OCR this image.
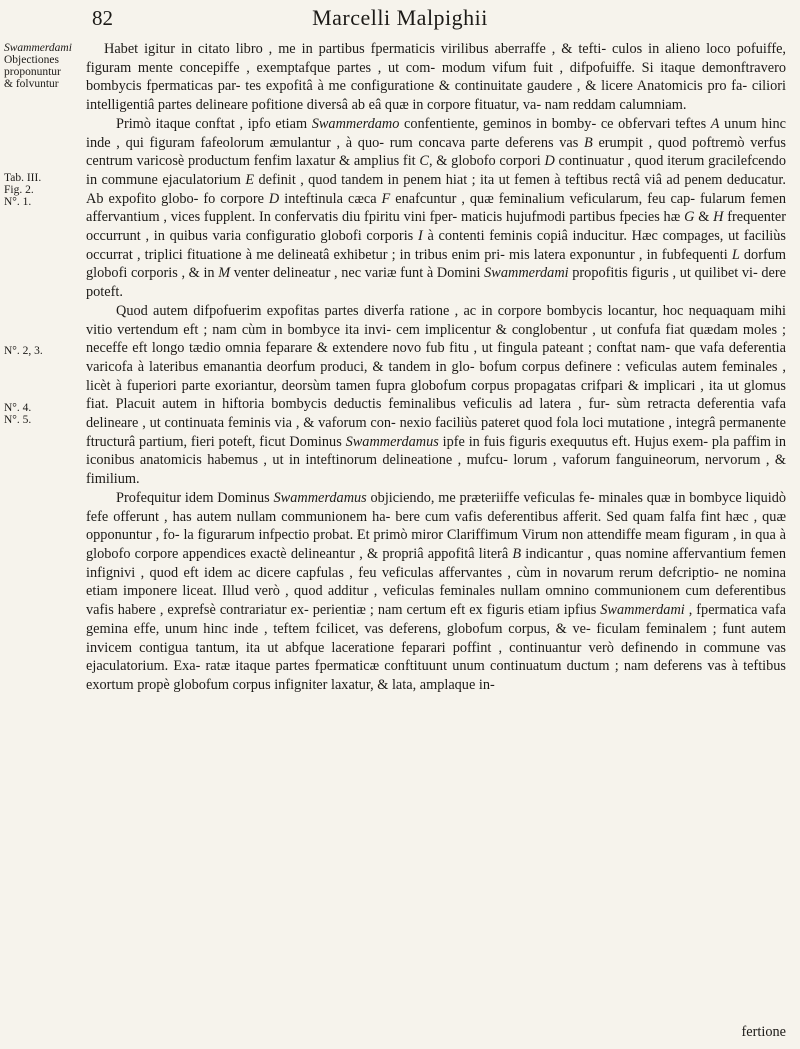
82	Marcelli Malpighii
Swammerdami
Objectiones
proponuntur
& folvuntur
Tab. III.
Fig. 2.
N°. 1.
N°. 2, 3.
N°. 4.
N°. 5.

Habet igitur in citato libro , me in partibus fpermaticis virilibus aberraffe , & tefti- culos in alieno loco pofuiffe, figuram mente concepiffe , exemptafque partes , ut com- modum vifum fuit , difpofuiffe. Si itaque demonftravero bombycis fpermaticas par- tes expofitâ à me configuratione & continuitate gaudere , & licere Anatomicis pro fa- ciliori intelligentiâ partes delineare pofitione diversâ ab eâ quæ in corpore fituatur, va- nam reddam calumniam.

Primò itaque conftat , ipfo etiam Swammerdamo confentiente, geminos in bomby- ce obfervari teftes A unum hinc inde , qui figuram fafeolorum æmulantur , à quo- rum concava parte deferens vas B erumpit , quod poftremò verfus centrum varicosè productum fenfim laxatur & amplius fit C, & globofo corpori D continuatur , quod iterum gracilefcendo in commune ejaculatorium E definit , quod tandem in penem hiat ; ita ut femen à teftibus rectâ viâ ad penem deducatur. Ab expofito globo- fo corpore D inteftinula cæca F enafcuntur , quæ feminalium veficularum, feu cap- fularum femen affervantium , vices fupplent. In confervatis diu fpiritu vini fper- maticis hujufmodi partibus fpecies hæ G & H frequenter occurrunt , in quibus varia configuratio globofi corporis I à contenti feminis copiâ inducitur. Hæc compages, ut faciliùs occurrat , triplici fituatione à me delineatâ exhibetur ; in tribus enim pri- mis latera exponuntur , in fubfequenti L dorfum globofi corporis , & in M venter delineatur , nec variæ funt à Domini Swammerdami propofitis figuris , ut quilibet vi- dere poteft.

Quod autem difpofuerim expofitas partes diverfa ratione , ac in corpore bombycis locantur, hoc nequaquam mihi vitio vertendum eft ; nam cùm in bombyce ita invi- cem implicentur & conglobentur , ut confufa fiat quædam moles ; neceffe eft longo tædio omnia feparare & extendere novo fub fitu , ut fingula pateant ; conftat nam- que vafa deferentia varicofa à lateribus emanantia deorfum produci, & tandem in glo- bofum corpus definere : veficulas autem feminales , licèt à fuperiori parte exoriantur, deorsùm tamen fupra globofum corpus propagatas crifpari & implicari , ita ut glomus fiat. Placuit autem in hiftoria bombycis deductis feminalibus veficulis ad latera , fur- sùm retracta deferentia vafa delineare , ut continuata feminis via , & vaforum con- nexio faciliùs pateret quod fola loci mutatione , integrâ permanente ftructurâ partium, fieri poteft, ficut Dominus Swammerdamus ipfe in fuis figuris exequutus eft. Hujus exem- pla paffim in iconibus anatomicis habemus , ut in inteftinorum delineatione , mufcu- lorum , vaforum fanguineorum, nervorum , & fimilium.

Profequitur idem Dominus Swammerdamus objiciendo, me præteriiffe veficulas fe- minales quæ in bombyce liquidò fefe offerunt , has autem nullam communionem ha- bere cum vafis deferentibus afferit. Sed quam falfa fint hæc , quæ opponuntur , fo- la figurarum infpectio probat. Et primò miror Clariffimum Virum non attendiffe meam figuram , in qua à globofo corpore appendices exactè delineantur , & propriâ appofitâ literâ B indicantur , quas nomine affervantium femen infignivi , quod eft idem ac dicere capfulas , feu veficulas affervantes , cùm in novarum rerum defcriptio- ne nomina etiam imponere liceat. Illud verò , quod additur , veficulas feminales nullam omnino communionem cum deferentibus vafis habere , exprefsè contrariatur ex- perientiæ ; nam certum eft ex figuris etiam ipfius Swammerdami , fpermatica vafa gemina effe, unum hinc inde , teftem fcilicet, vas deferens, globofum corpus, & ve- ficulam feminalem ; funt autem invicem contigua tantum, ita ut abfque laceratione feparari poffint , continuantur verò definendo in commune vas ejaculatorium. Exa- ratæ itaque partes fpermaticæ conftituunt unum continuatum ductum ; nam deferens vas à teftibus exortum propè globofum corpus infigniter laxatur, & lata, amplaque in-

fertione
